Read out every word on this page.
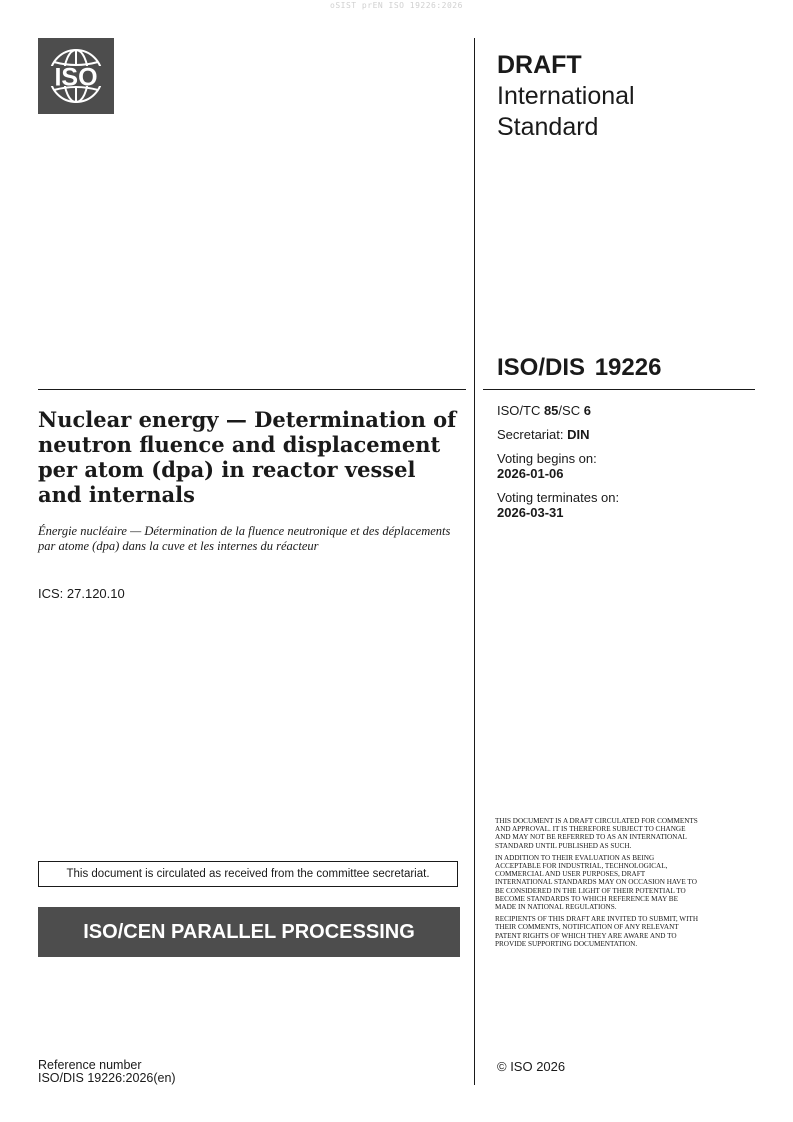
oSIST prEN ISO 19226:2026
ISO	DRAFT
International
Standard
ISO/DIS 19226
ISO/TC 85/SC 6
Secretariat: DIN
Voting begins on:
2026-01-06
Voting terminates on:
2026-03-31
Nuclear energy — Determination of neutron fluence and displacement per atom (dpa) in reactor vessel and internals
Énergie nucléaire — Détermination de la fluence neutronique et des déplacements par atome (dpa) dans la cuve et les internes du réacteur
ICS: 27.120.10
This document is circulated as received from the committee secretariat.
ISO/CEN PARALLEL PROCESSING

THIS DOCUMENT IS A DRAFT CIRCULATED FOR COMMENTS AND APPROVAL. IT IS THEREFORE SUBJECT TO CHANGE AND MAY NOT BE REFERRED TO AS AN INTERNATIONAL STANDARD UNTIL PUBLISHED AS SUCH.

IN ADDITION TO THEIR EVALUATION AS BEING ACCEPTABLE FOR INDUSTRIAL, TECHNOLOGICAL, COMMERCIAL AND USER PURPOSES, DRAFT INTERNATIONAL STANDARDS MAY ON OCCASION HAVE TO BE CONSIDERED IN THE LIGHT OF THEIR POTENTIAL TO BECOME STANDARDS TO WHICH REFERENCE MAY BE MADE IN NATIONAL REGULATIONS.

RECIPIENTS OF THIS DRAFT ARE INVITED TO SUBMIT, WITH THEIR COMMENTS, NOTIFICATION OF ANY RELEVANT PATENT RIGHTS OF WHICH THEY ARE AWARE AND TO PROVIDE SUPPORTING DOCUMENTATION.

© ISO 2026
Reference number
ISO/DIS 19226:2026(en)
